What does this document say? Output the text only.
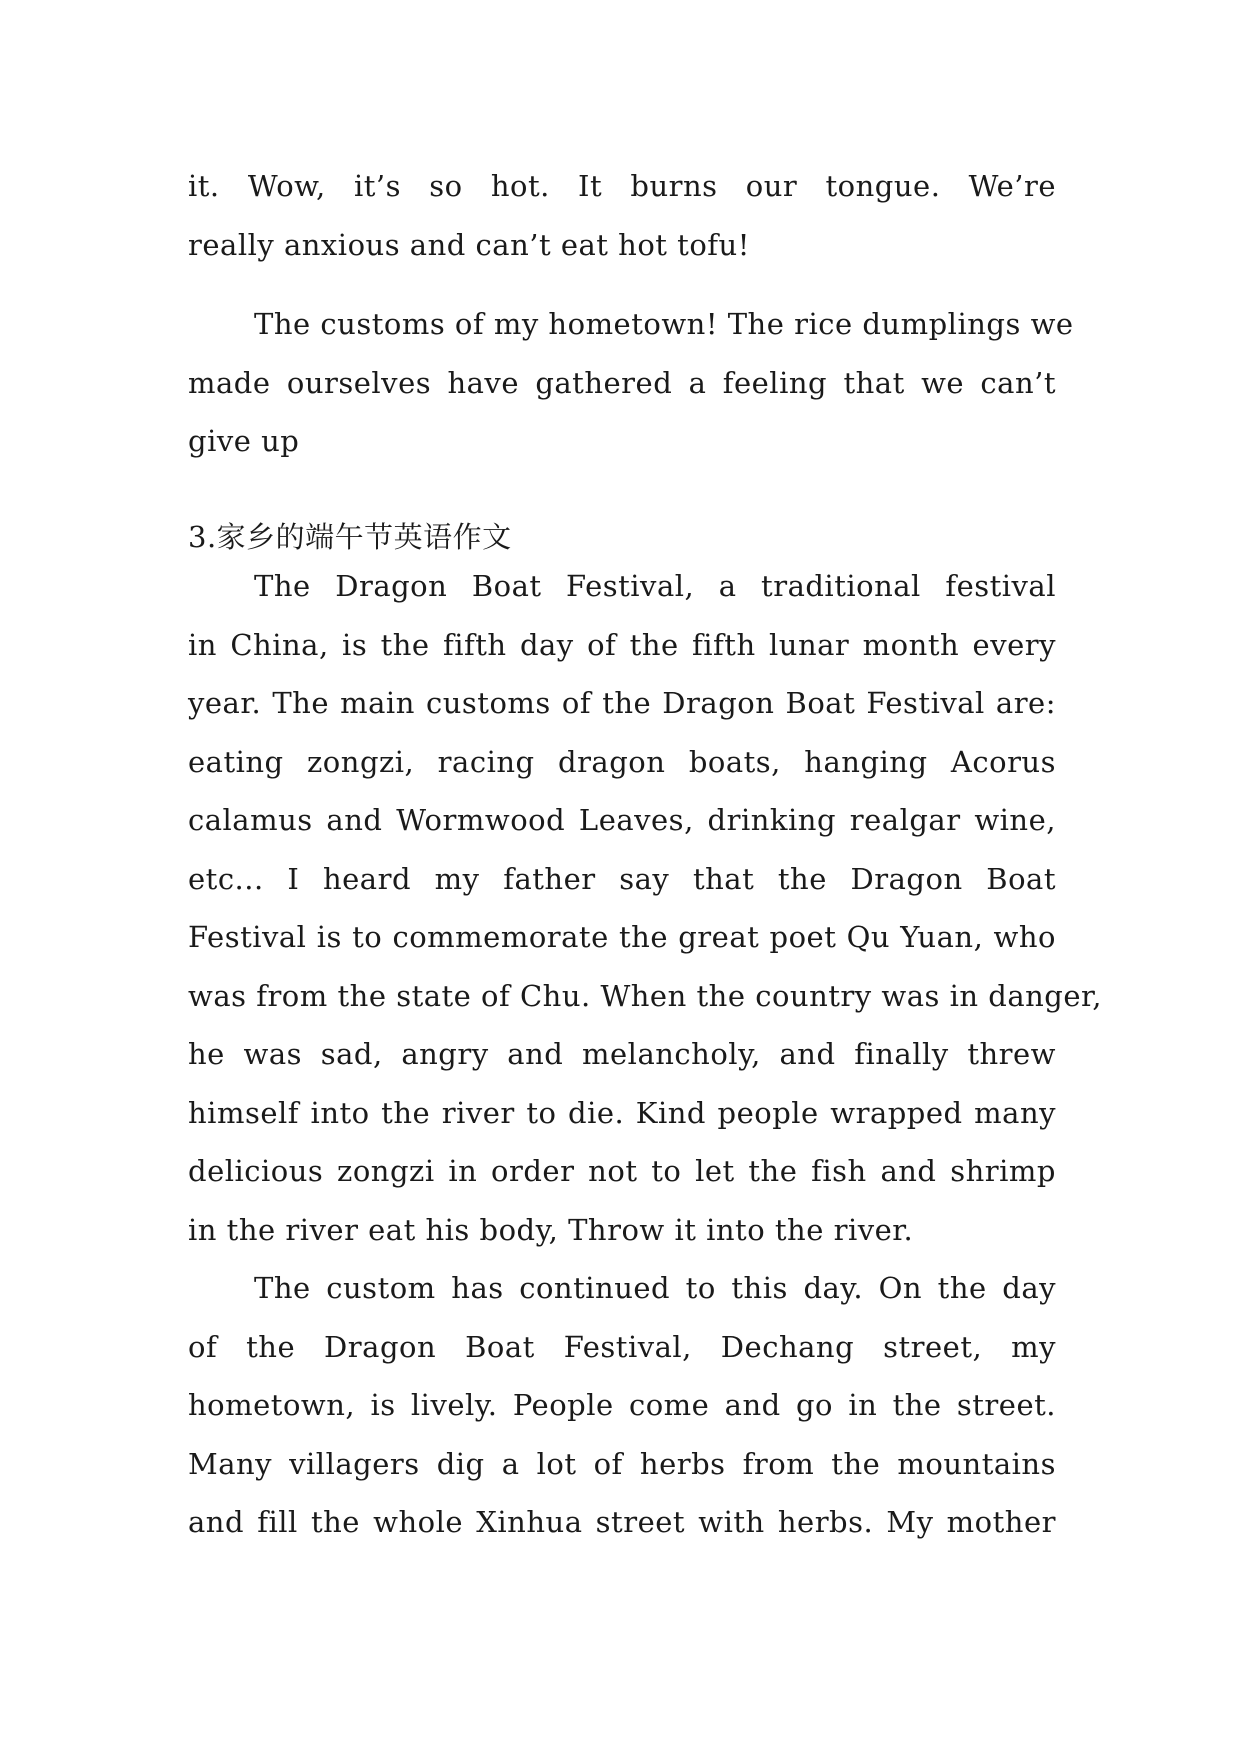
it. Wow, it’s so hot. It burns our tongue. We’re
really anxious and can’t eat hot tofu!
The customs of my hometown! The rice dumplings we
made ourselves have gathered a feeling that we can’t
give up
3.家乡的端午节英语作文
The Dragon Boat Festival, a traditional festival
in China, is the fifth day of the fifth lunar month every
year. The main customs of the Dragon Boat Festival are:
eating zongzi, racing dragon boats, hanging Acorus
calamus and Wormwood Leaves, drinking realgar wine,
etc... I heard my father say that the Dragon Boat
Festival is to commemorate the great poet Qu Yuan, who
was from the state of Chu. When the country was in danger,
he was sad, angry and melancholy, and finally threw
himself into the river to die. Kind people wrapped many
delicious zongzi in order not to let the fish and shrimp
in the river eat his body, Throw it into the river.
The custom has continued to this day. On the day
of the Dragon Boat Festival, Dechang street, my
hometown, is lively. People come and go in the street.
Many villagers dig a lot of herbs from the mountains
and fill the whole Xinhua street with herbs. My mother
